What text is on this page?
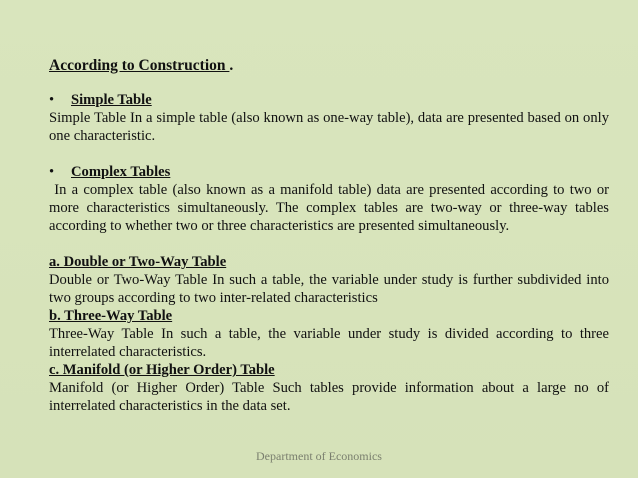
According to Construction .

• Simple Table

Simple Table In a simple table (also known as one-way table), data are presented based on only one characteristic.

• Complex Tables

In a complex table (also known as a manifold table) data are presented according to two or more characteristics simultaneously. The complex tables are two-way or three-way tables according to whether two or three characteristics are presented simultaneously.

a. Double or Two-Way Table

Double or Two-Way Table In such a table, the variable under study is further subdivided into two groups according to two inter-related characteristics

b. Three-Way Table

Three-Way Table In such a table, the variable under study is divided according to three interrelated characteristics.

c. Manifold (or Higher Order) Table

Manifold (or Higher Order) Table Such tables provide information about a large no of interrelated characteristics in the data set.

Department of Economics
